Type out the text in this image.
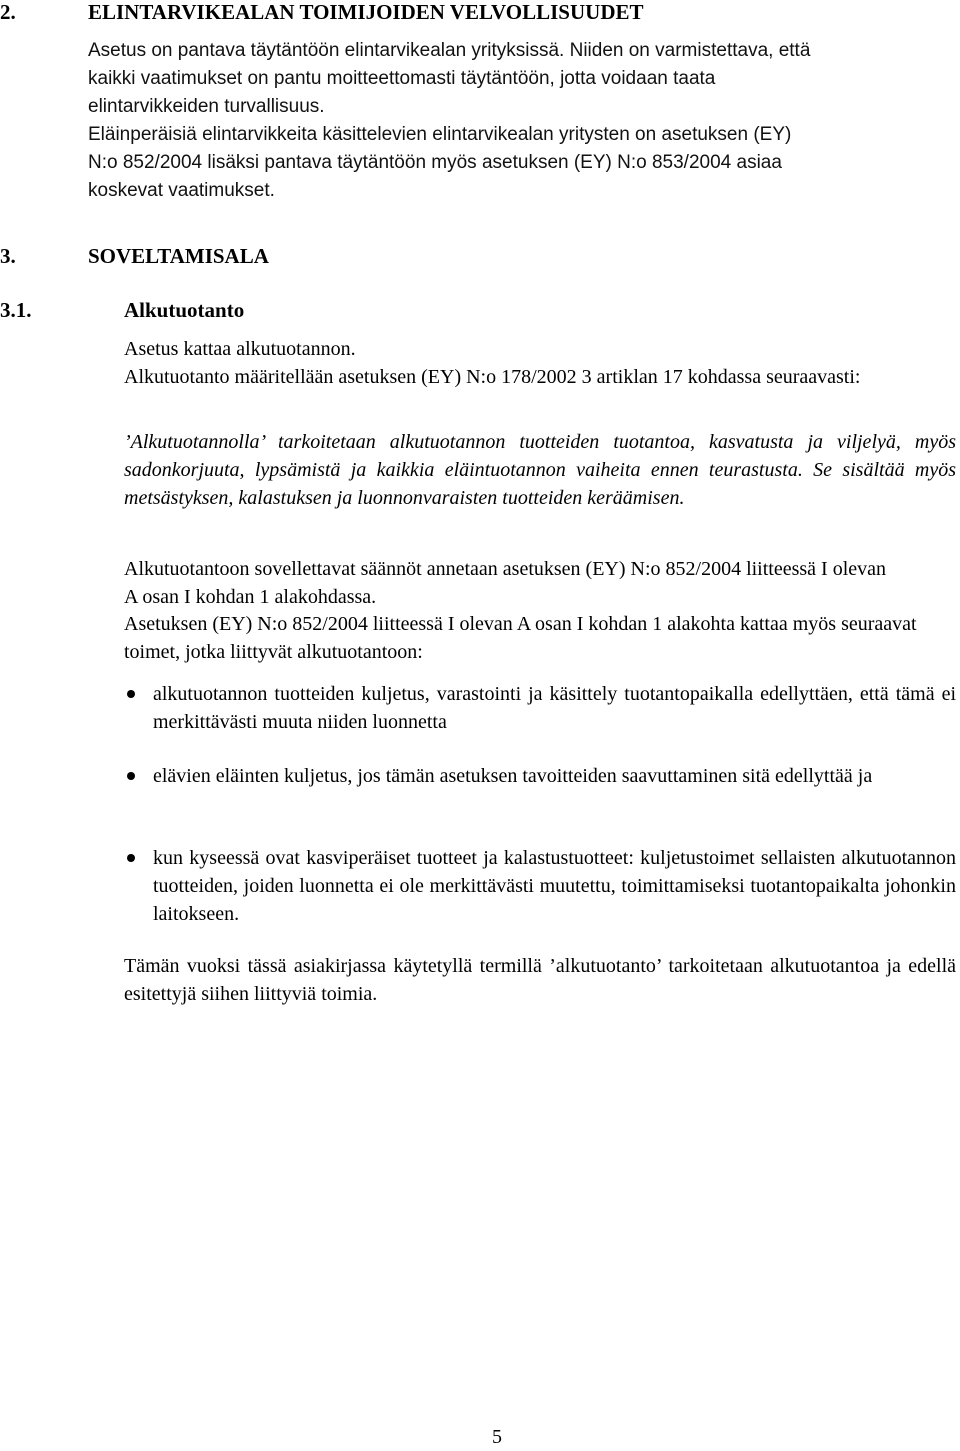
2.	ELINTARVIKEALAN TOIMIJOIDEN VELVOLLISUUDET
Asetus on pantava täytäntöön elintarvikealan yrityksissä. Niiden on varmistettava, että
kaikki vaatimukset on pantu moitteettomasti täytäntöön, jotta voidaan taata
elintarvikkeiden turvallisuus.
Eläinperäisiä elintarvikkeita käsittelevien elintarvikealan yritysten on asetuksen (EY)
N:o 852/2004 lisäksi pantava täytäntöön myös asetuksen (EY) N:o 853/2004 asiaa
koskevat vaatimukset.
3.	SOVELTAMISALA
3.1.	Alkutuotanto
Asetus kattaa alkutuotannon.
Alkutuotanto määritellään asetuksen (EY) N:o 178/2002 3 artiklan 17 kohdassa seuraavasti:
’Alkutuotannolla’ tarkoitetaan alkutuotannon tuotteiden tuotantoa, kasvatusta ja viljelyä, myös sadonkorjuuta, lypsämistä ja kaikkia eläintuotannon vaiheita ennen teurastusta. Se sisältää myös metsästyksen, kalastuksen ja luonnonvaraisten tuotteiden keräämisen.
Alkutuotantoon sovellettavat säännöt annetaan asetuksen (EY) N:o 852/2004 liitteessä I olevan A osan I kohdan 1 alakohdassa.
Asetuksen (EY) N:o 852/2004 liitteessä I olevan A osan I kohdan 1 alakohta kattaa myös seuraavat toimet, jotka liittyvät alkutuotantoon:
alkutuotannon tuotteiden kuljetus, varastointi ja käsittely tuotantopaikalla edellyttäen, että tämä ei merkittävästi muuta niiden luonnetta
elävien eläinten kuljetus, jos tämän asetuksen tavoitteiden saavuttaminen sitä edellyttää ja
kun kyseessä ovat kasviperäiset tuotteet ja kalastustuotteet: kuljetustoimet sellaisten alkutuotannon tuotteiden, joiden luonnetta ei ole merkittävästi muutettu, toimittamiseksi tuotantopaikalta johonkin laitokseen.
Tämän vuoksi tässä asiakirjassa käytetyllä termillä ’alkutuotanto’ tarkoitetaan alkutuotantoa ja edellä esitettyjä siihen liittyviä toimia.
5
